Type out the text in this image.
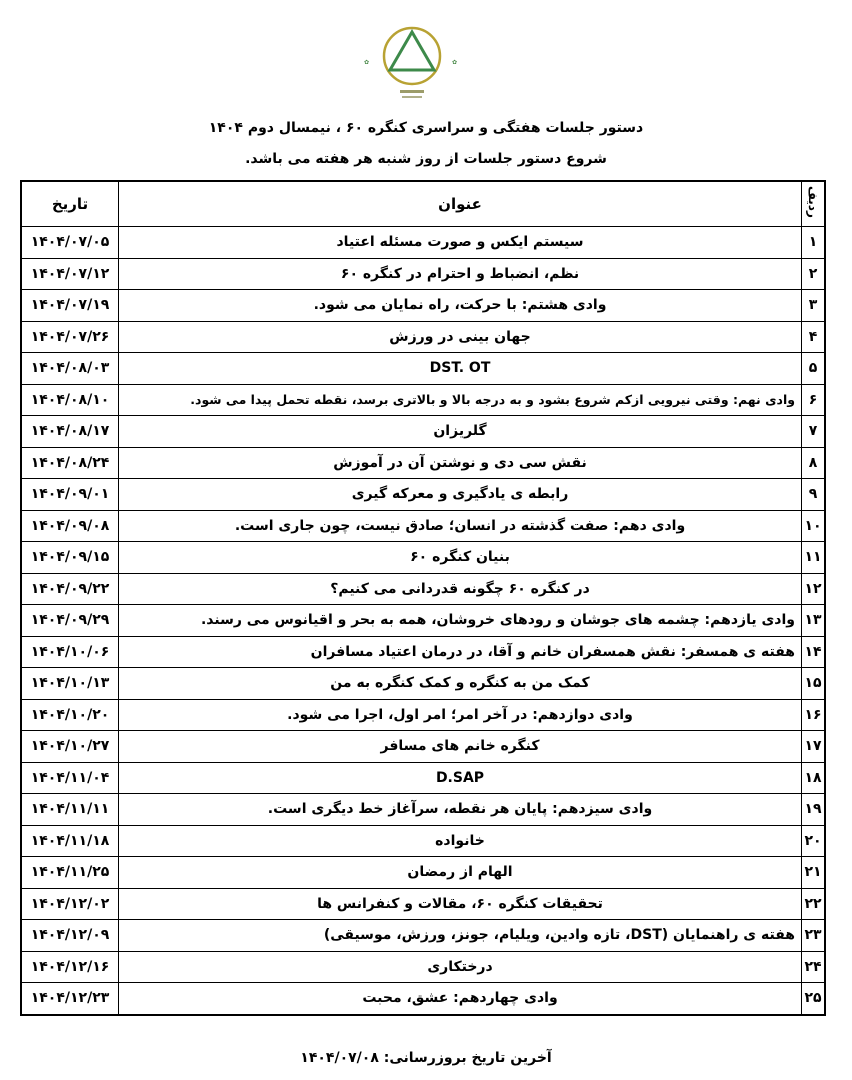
✿	✿
دستور جلسات هفتگی و سراسری کنگره ۶۰ ، نیمسال دوم ۱۴۰۴
شروع دستور جلسات از روز شنبه هر هفته می باشد.
ردیف	عنوان	تاریخ
۱	سیستم ایکس و صورت مسئله اعتیاد	۱۴۰۴/۰۷/۰۵
۲	نظم، انضباط و احترام در کنگره ۶۰	۱۴۰۴/۰۷/۱۲
۳	وادی هشتم: با حرکت، راه نمایان می شود.	۱۴۰۴/۰۷/۱۹
۴	جهان بینی در ورزش	۱۴۰۴/۰۷/۲۶
۵	DST. OT	۱۴۰۴/۰۸/۰۳
۶	وادی نهم: وقتی نیرویی ازکم شروع بشود و به درجه بالا و بالاتری برسد، نقطه تحمل پیدا می شود.	۱۴۰۴/۰۸/۱۰
۷	گلریزان	۱۴۰۴/۰۸/۱۷
۸	نقش سی دی و نوشتن آن در آموزش	۱۴۰۴/۰۸/۲۴
۹	رابطه ی یادگیری و معرکه گیری	۱۴۰۴/۰۹/۰۱
۱۰	وادی دهم: صفت گذشته در انسان؛ صادق نیست، چون جاری است.	۱۴۰۴/۰۹/۰۸
۱۱	بنیان کنگره ۶۰	۱۴۰۴/۰۹/۱۵
۱۲	در کنگره ۶۰ چگونه قدردانی می کنیم؟	۱۴۰۴/۰۹/۲۲
۱۳	وادی یازدهم: چشمه های جوشان و رودهای خروشان، همه به بحر و اقیانوس می رسند.	۱۴۰۴/۰۹/۲۹
۱۴	هفته ی همسفر: نقش همسفران خانم و آقا، در درمان اعتیاد مسافران	۱۴۰۴/۱۰/۰۶
۱۵	کمک من به کنگره و کمک کنگره به من	۱۴۰۴/۱۰/۱۳
۱۶	وادی دوازدهم: در آخر امر؛ امر اول، اجرا می شود.	۱۴۰۴/۱۰/۲۰
۱۷	کنگره خانم های مسافر	۱۴۰۴/۱۰/۲۷
۱۸	D.SAP	۱۴۰۴/۱۱/۰۴
۱۹	وادی سیزدهم: پایان هر نقطه، سرآغاز خط دیگری است.	۱۴۰۴/۱۱/۱۱
۲۰	خانواده	۱۴۰۴/۱۱/۱۸
۲۱	الهام از رمضان	۱۴۰۴/۱۱/۲۵
۲۲	تحقیقات کنگره ۶۰، مقالات و کنفرانس ها	۱۴۰۴/۱۲/۰۲
۲۳	هفته ی راهنمایان (DST، تازه وادین، ویلیام، جونز، ورزش، موسیقی)	۱۴۰۴/۱۲/۰۹
۲۴	درختکاری	۱۴۰۴/۱۲/۱۶
۲۵	وادی چهاردهم: عشق، محبت	۱۴۰۴/۱۲/۲۳
آخرین تاریخ بروزرسانی: ۱۴۰۴/۰۷/۰۸
